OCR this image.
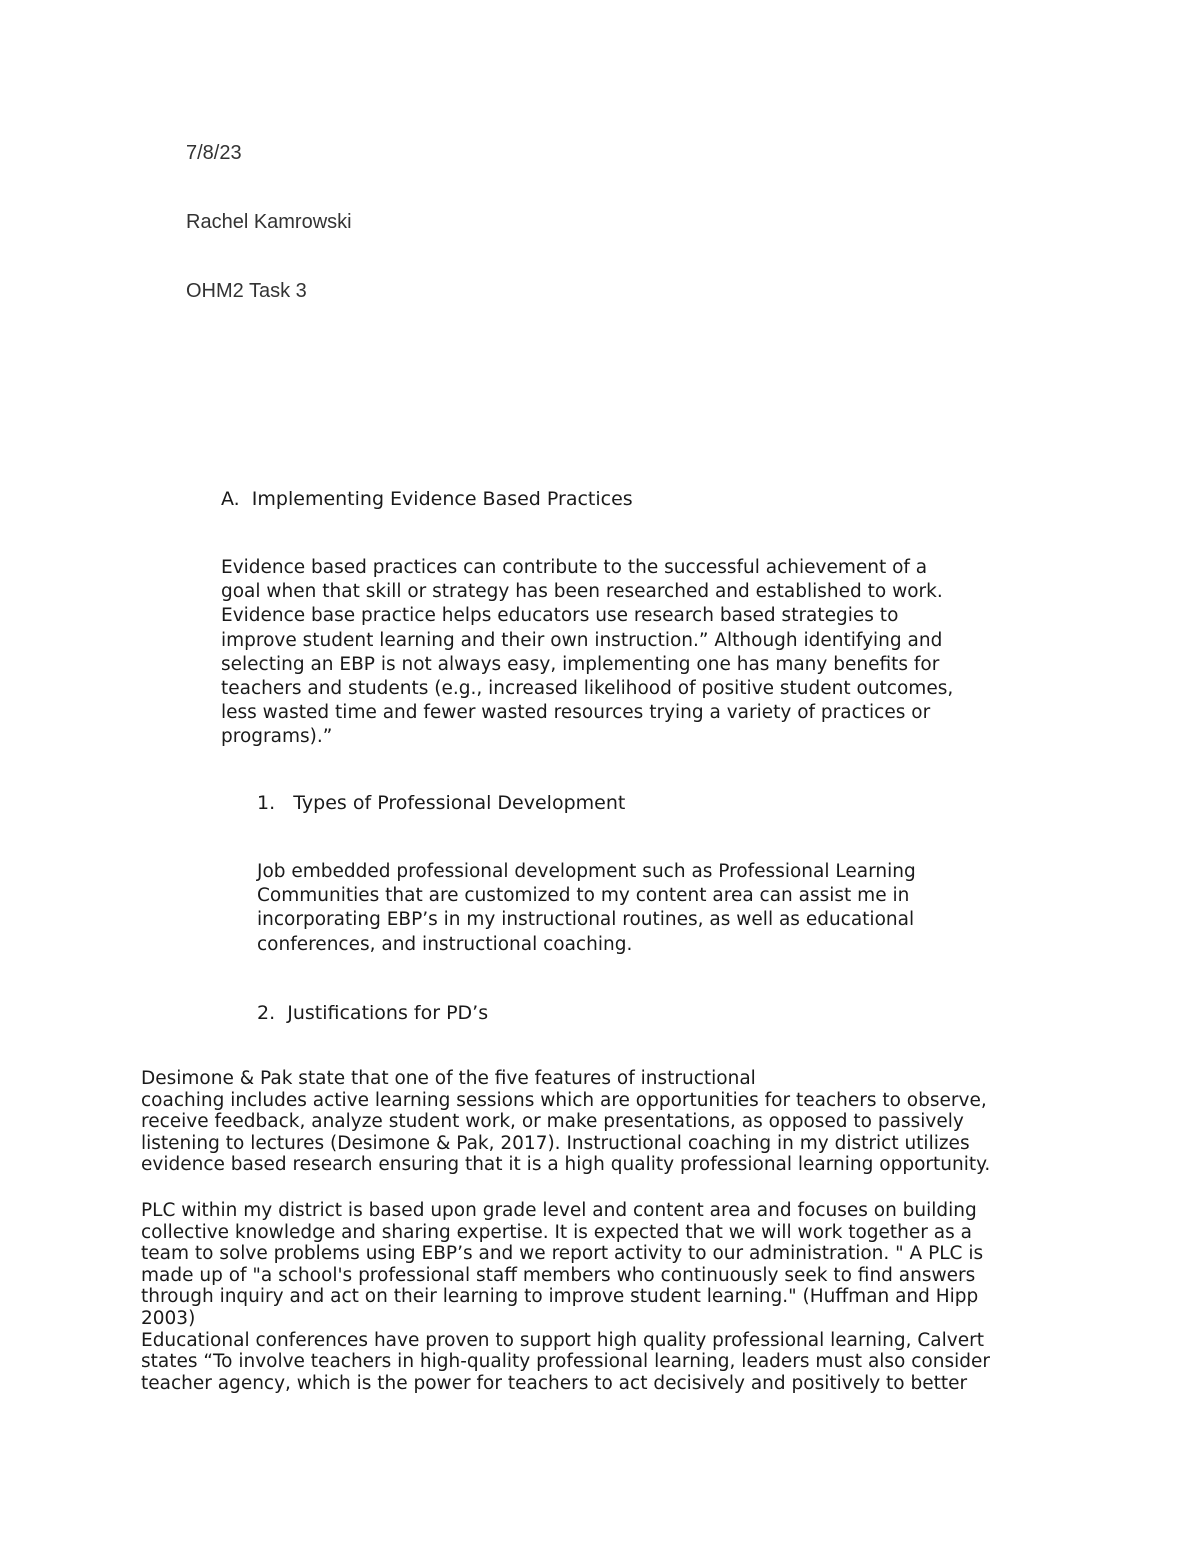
7/8/23

Rachel Kamrowski

OHM2 Task 3

A. Implementing Evidence Based Practices

Evidence based practices can contribute to the successful achievement of a
goal when that skill or strategy has been researched and established to work.
Evidence base practice helps educators use research based strategies to
improve student learning and their own instruction.” Although identifying and
selecting an EBP is not always easy, implementing one has many benefits for
teachers and students (e.g., increased likelihood of positive student outcomes,
less wasted time and fewer wasted resources trying a variety of practices or
programs).”

1. Types of Professional Development

Job embedded professional development such as Professional Learning
Communities that are customized to my content area can assist me in
incorporating EBP’s in my instructional routines, as well as educational
conferences, and instructional coaching.

2. Justifications for PD’s

Desimone & Pak state that one of the five features of instructional
coaching includes active learning sessions which are opportunities for teachers to observe,
receive feedback, analyze student work, or make presentations, as opposed to passively
listening to lectures (Desimone & Pak, 2017). Instructional coaching in my district utilizes
evidence based research ensuring that it is a high quality professional learning opportunity.
PLC within my district is based upon grade level and content area and focuses on building
collective knowledge and sharing expertise. It is expected that we will work together as a
team to solve problems using EBP’s and we report activity to our administration. " A PLC is
made up of "a school's professional staff members who continuously seek to find answers
through inquiry and act on their learning to improve student learning." (Huffman and Hipp
2003)
Educational conferences have proven to support high quality professional learning, Calvert
states “To involve teachers in high-quality professional learning, leaders must also consider
teacher agency, which is the power for teachers to act decisively and positively to better
